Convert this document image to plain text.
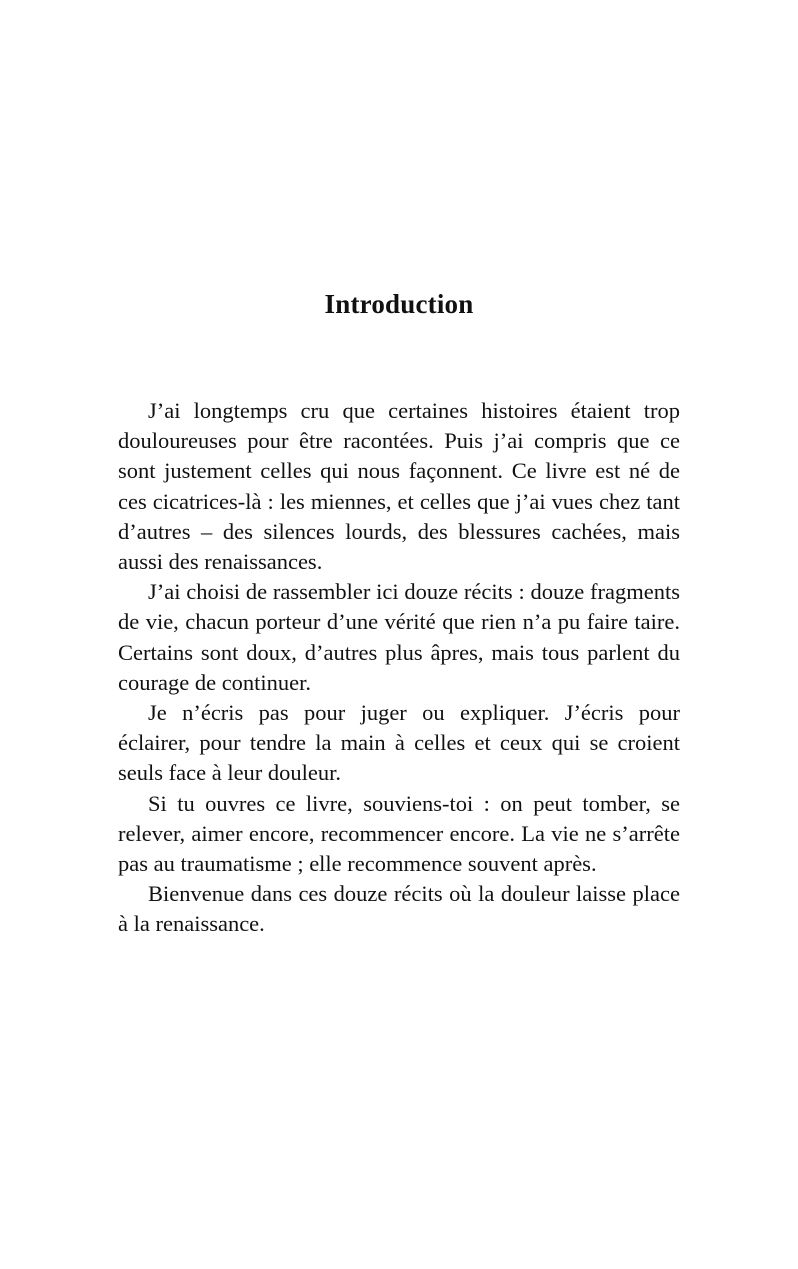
Introduction

J’ai longtemps cru que certaines histoires étaient trop douloureuses pour être racontées. Puis j’ai compris que ce sont justement celles qui nous façonnent. Ce livre est né de ces cicatrices-là : les miennes, et celles que j’ai vues chez tant d’autres – des silences lourds, des blessures cachées, mais aussi des renaissances.

J’ai choisi de rassembler ici douze récits : douze fragments de vie, chacun porteur d’une vérité que rien n’a pu faire taire. Certains sont doux, d’autres plus âpres, mais tous parlent du courage de continuer.

Je n’écris pas pour juger ou expliquer. J’écris pour éclairer, pour tendre la main à celles et ceux qui se croient seuls face à leur douleur.

Si tu ouvres ce livre, souviens-toi : on peut tomber, se relever, aimer encore, recommencer encore. La vie ne s’arrête pas au traumatisme ; elle recommence souvent après.

Bienvenue dans ces douze récits où la douleur laisse place à la renaissance.
